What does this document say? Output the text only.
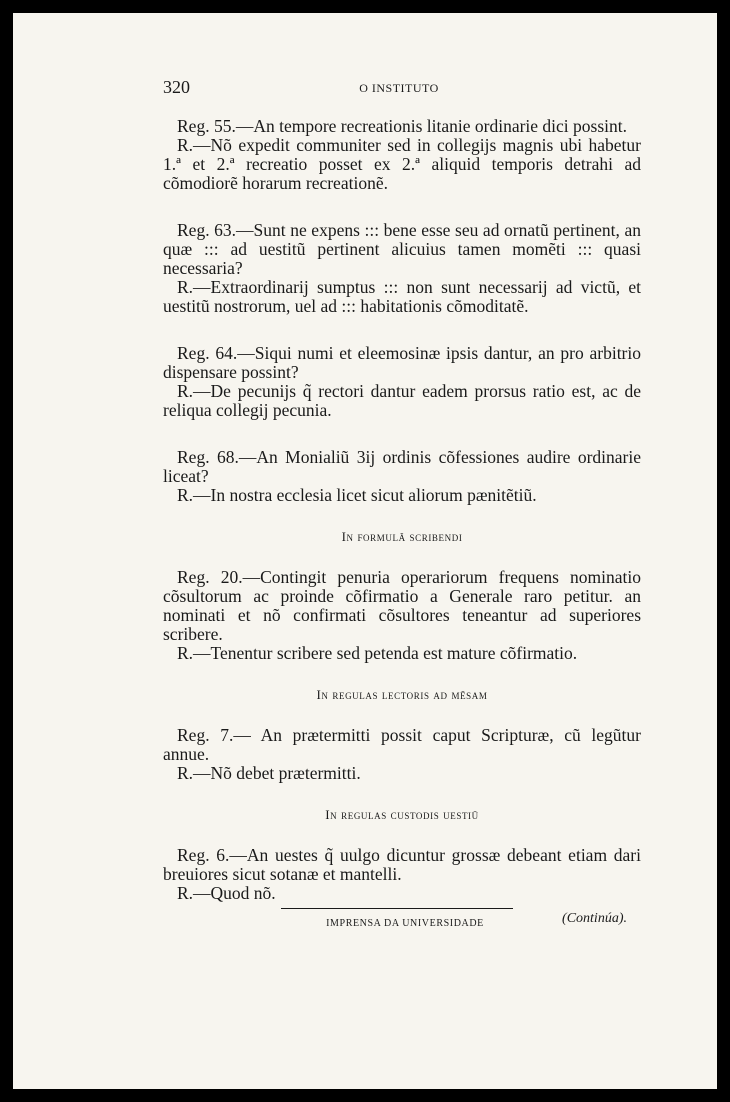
320	O INSTITUTO

Reg. 55.—An tempore recreationis litanie ordinarie dici possint.

R.—Nõ expedit communiter sed in collegijs magnis ubi habetur 1.ª et 2.ª recreatio posset ex 2.ª aliquid temporis detrahi ad cõmodiorẽ horarum recreationẽ.

Reg. 63.—Sunt ne expens ::: bene esse seu ad ornatũ pertinent, an quæ ::: ad uestitũ pertinent alicuius tamen momẽti ::: quasi necessaria?

R.—Extraordinarij sumptus ::: non sunt necessarij ad victũ, et uestitũ nostrorum, uel ad ::: habitationis cõmoditatẽ.

Reg. 64.—Siqui numi et eleemosinæ ipsis dantur, an pro arbitrio dispensare possint?

R.—De pecunijs q̃ rectori dantur eadem prorsus ratio est, ac de reliqua collegij pecunia.

Reg. 68.—An Monialiũ 3ij ordinis cõfessiones audire ordinarie liceat?

R.—In nostra ecclesia licet sicut aliorum pænitẽtiũ.

In formulã scribendi

Reg. 20.—Contingit penuria operariorum frequens nominatio cõsultorum ac proinde cõfirmatio a Generale raro petitur. an nominati et nõ confirmati cõsultores teneantur ad superiores scribere.

R.—Tenentur scribere sed petenda est mature cõfirmatio.

In regulas lectoris ad mẽsam

Reg. 7.— An prætermitti possit caput Scripturæ, cũ legũtur annue.

R.—Nõ debet prætermitti.

In regulas custodis uestiũ

Reg. 6.—An uestes q̃ uulgo dicuntur grossæ debeant etiam dari breuiores sicut sotanæ et mantelli.

R.—Quod nõ.

(Continúa).

IMPRENSA DA UNIVERSIDADE
